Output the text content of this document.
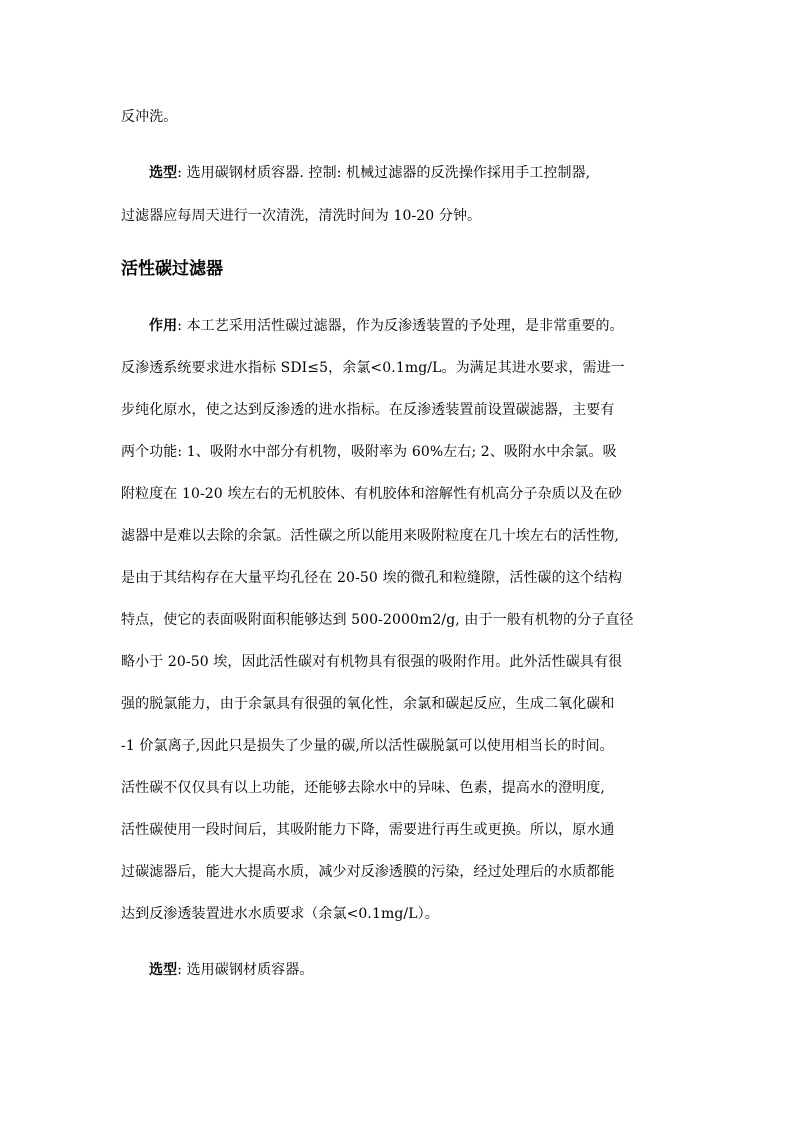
反冲洗。
选型: 选用碳钢材质容器. 控制: 机械过滤器的反洗操作採用手工控制器,
过滤器应每周天进行一次清洗，清洗时间为 10-20 分钟。
活性碳过滤器
作用: 本工艺采用活性碳过滤器，作为反渗透装置的予处理，是非常重要的。
反渗透系统要求进水指标 SDI≤5，余氯<0.1mg/L。为满足其进水要求，需进一
步纯化原水，使之达到反渗透的进水指标。在反渗透装置前设置碳滤器，主要有
两个功能: 1、吸附水中部分有机物，吸附率为 60%左右; 2、吸附水中余氯。吸
附粒度在 10-20 埃左右的无机胶体、有机胶体和溶解性有机高分子杂质以及在砂
滤器中是难以去除的余氯。活性碳之所以能用来吸附粒度在几十埃左右的活性物,
是由于其结构存在大量平均孔径在 20-50 埃的微孔和粒缝隙，活性碳的这个结构
特点，使它的表面吸附面积能够达到 500-2000m2/g, 由于一般有机物的分子直径
略小于 20-50 埃，因此活性碳对有机物具有很强的吸附作用。此外活性碳具有很
强的脱氯能力，由于余氯具有很强的氧化性，余氯和碳起反应，生成二氧化碳和
-1 价氯离子,因此只是损失了少量的碳,所以活性碳脱氯可以使用相当长的时间。
活性碳不仅仅具有以上功能，还能够去除水中的异味、色素，提高水的澄明度,
活性碳使用一段时间后，其吸附能力下降，需要进行再生或更换。所以，原水通
过碳滤器后，能大大提高水质，减少对反渗透膜的污染，经过处理后的水质都能
达到反渗透装置进水水质要求（余氯<0.1mg/L）。
选型: 选用碳钢材质容器。
